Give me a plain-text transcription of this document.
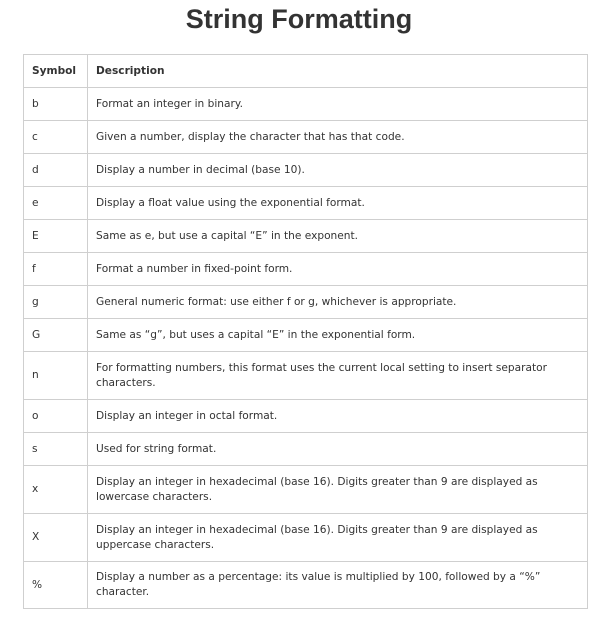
String Formatting
Symbol	Description
b	Format an integer in binary.
c	Given a number, display the character that has that code.
d	Display a number in decimal (base 10).
e	Display a float value using the exponential format.
E	Same as e, but use a capital “E” in the exponent.
f	Format a number in fixed-point form.
g	General numeric format: use either f or g, whichever is appropriate.
G	Same as “g”, but uses a capital “E” in the exponential form.
n	For formatting numbers, this format uses the current local setting to insert separator characters.
o	Display an integer in octal format.
s	Used for string format.
x	Display an integer in hexadecimal (base 16). Digits greater than 9 are displayed as lowercase characters.
X	Display an integer in hexadecimal (base 16). Digits greater than 9 are displayed as uppercase characters.
%	Display a number as a percentage: its value is multiplied by 100, followed by a “%” character.
